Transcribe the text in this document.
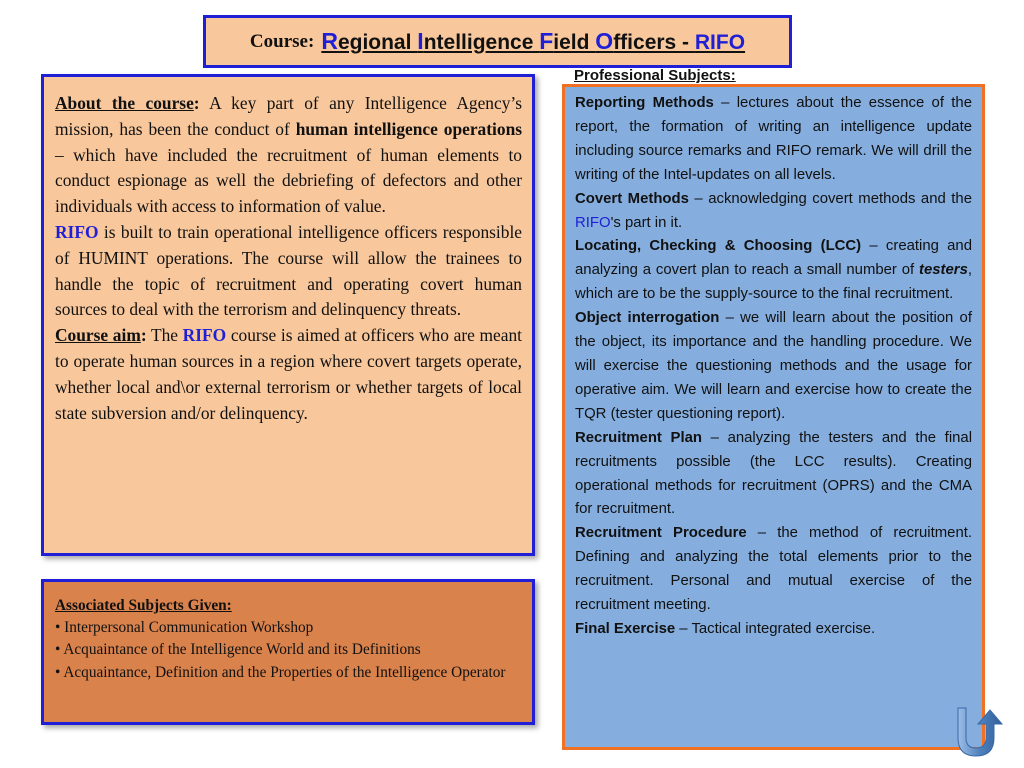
Course: Regional Intelligence Field Officers - RIFO

About the course: A key part of any Intelligence Agency’s mission, has been the conduct of human intelligence operations – which have included the recruitment of human elements to conduct espionage as well the debriefing of defectors and other individuals with access to information of value.

RIFO is built to train operational intelligence officers responsible of HUMINT operations. The course will allow the trainees to handle the topic of recruitment and operating covert human sources to deal with the terrorism and delinquency threats.

Course aim: The RIFO course is aimed at officers who are meant to operate human sources in a region where covert targets operate, whether local and\or external terrorism or whether targets of local state subversion and/or delinquency.

Associated Subjects Given:

• Interpersonal Communication Workshop

• Acquaintance of the Intelligence World and its Definitions

• Acquaintance, Definition and the Properties of the Intelligence Operator

Professional Subjects:

Reporting Methods – lectures about the essence of the report, the formation of writing an intelligence update including source remarks and RIFO remark. We will drill the writing of the Intel-updates on all levels.

Covert Methods – acknowledging covert methods and the RIFO's part in it.

Locating, Checking & Choosing (LCC) – creating and analyzing a covert plan to reach a small number of testers, which are to be the supply-source to the final recruitment.

Object interrogation – we will learn about the position of the object, its importance and the handling procedure. We will exercise the questioning methods and the usage for operative aim. We will learn and exercise how to create the TQR (tester questioning report).

Recruitment Plan – analyzing the testers and the final recruitments possible (the LCC results). Creating operational methods for recruitment (OPRS) and the CMA for recruitment.

Recruitment Procedure – the method of recruitment. Defining and analyzing the total elements prior to the recruitment. Personal and mutual exercise of the recruitment meeting.

Final Exercise – Tactical integrated exercise.
